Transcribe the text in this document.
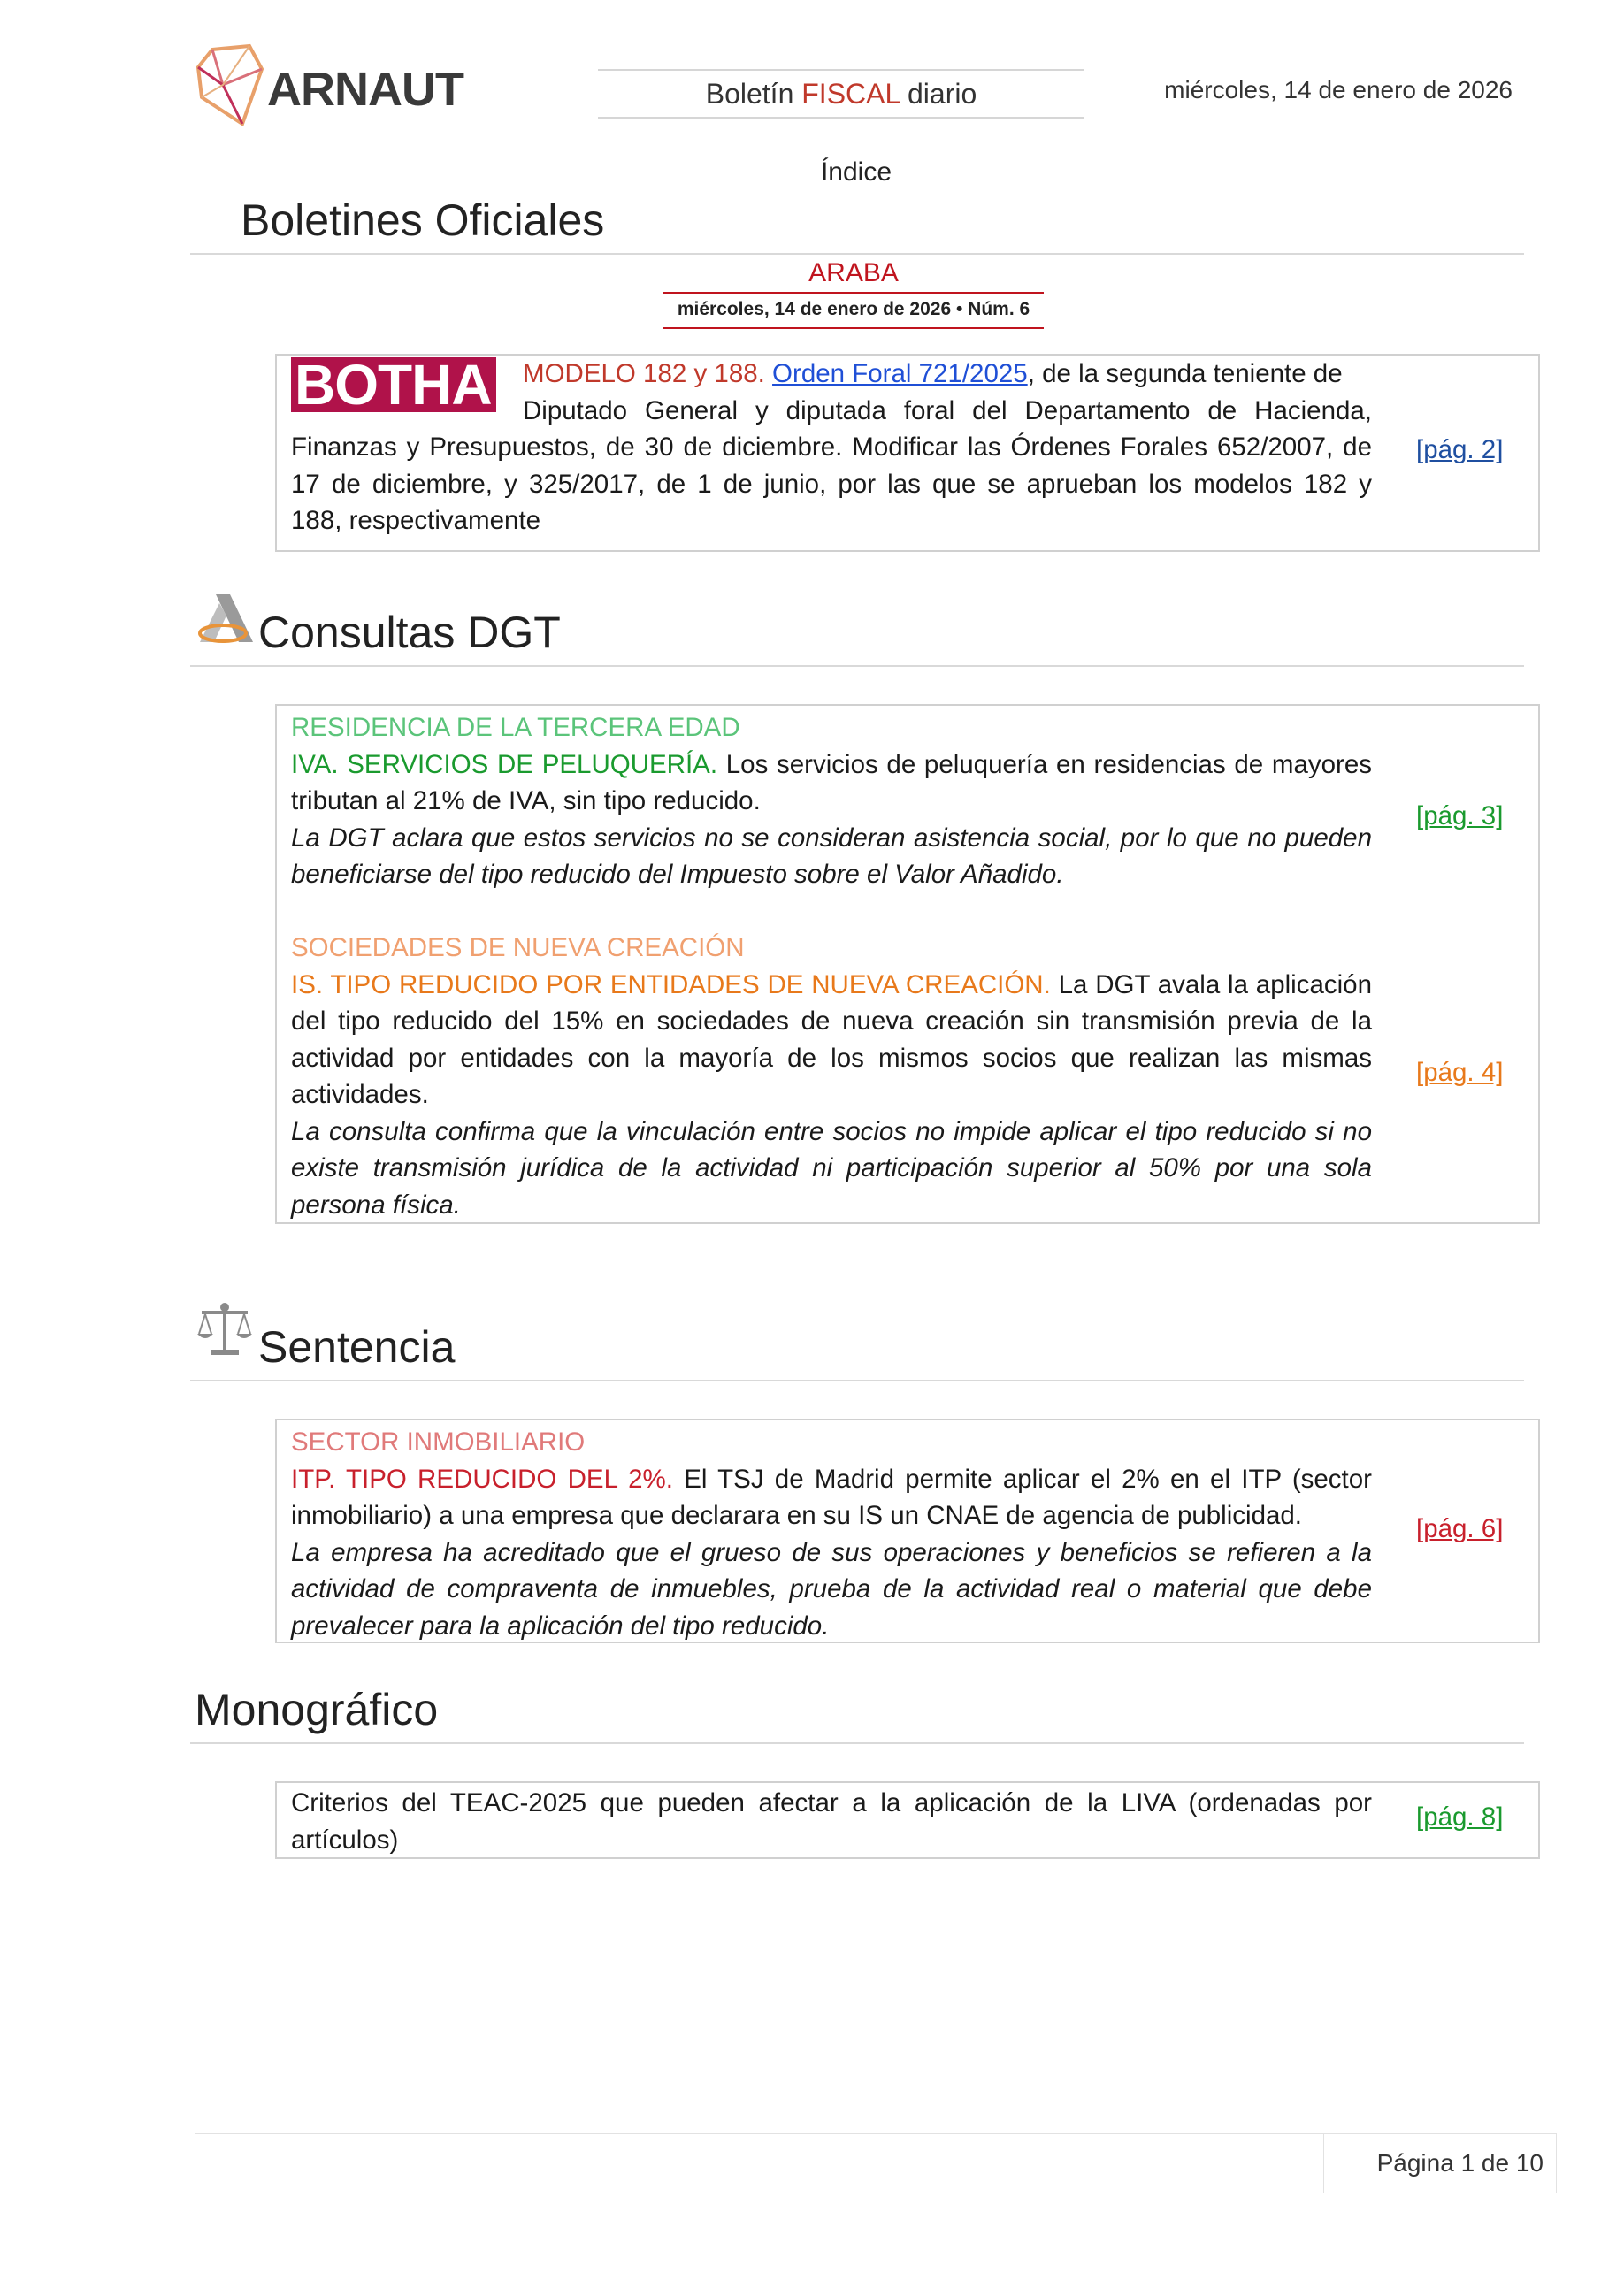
ARNAUT	Boletín FISCAL diario	miércoles, 14 de enero de 2026
Índice
Boletines Oficiales
ARABA
miércoles, 14 de enero de 2026 • Núm. 6
BOTHA MODELO 182 y 188. Orden Foral 721/2025, de la segunda teniente de
Diputado General y diputada foral del Departamento de Hacienda,
Finanzas y Presupuestos, de 30 de diciembre. Modificar las Órdenes Forales 652/2007, de
17 de diciembre, y 325/2017, de 1 de junio, por las que se aprueban los modelos 182 y
188, respectivamente
[pág. 2]
Consultas DGT
RESIDENCIA DE LA TERCERA EDAD
IVA. SERVICIOS DE PELUQUERÍA. Los servicios de peluquería en residencias de mayores tributan al 21% de IVA, sin tipo reducido.
La DGT aclara que estos servicios no se consideran asistencia social, por lo que no pueden beneficiarse del tipo reducido del Impuesto sobre el Valor Añadido.
[pág. 3]
SOCIEDADES DE NUEVA CREACIÓN
IS. TIPO REDUCIDO POR ENTIDADES DE NUEVA CREACIÓN. La DGT avala la aplicación del tipo reducido del 15% en sociedades de nueva creación sin transmisión previa de la actividad por entidades con la mayoría de los mismos socios que realizan las mismas actividades.
La consulta confirma que la vinculación entre socios no impide aplicar el tipo reducido si no existe transmisión jurídica de la actividad ni participación superior al 50% por una sola persona física.
[pág. 4]
Sentencia
SECTOR INMOBILIARIO
ITP. TIPO REDUCIDO DEL 2%. El TSJ de Madrid permite aplicar el 2% en el ITP (sector inmobiliario) a una empresa que declarara en su IS un CNAE de agencia de publicidad.
La empresa ha acreditado que el grueso de sus operaciones y beneficios se refieren a la actividad de compraventa de inmuebles, prueba de la actividad real o material que debe prevalecer para la aplicación del tipo reducido.
[pág. 6]
Monográfico
Criterios del TEAC-2025 que pueden afectar a la aplicación de la LIVA (ordenadas por artículos)
[pág. 8]
Página 1 de 10
